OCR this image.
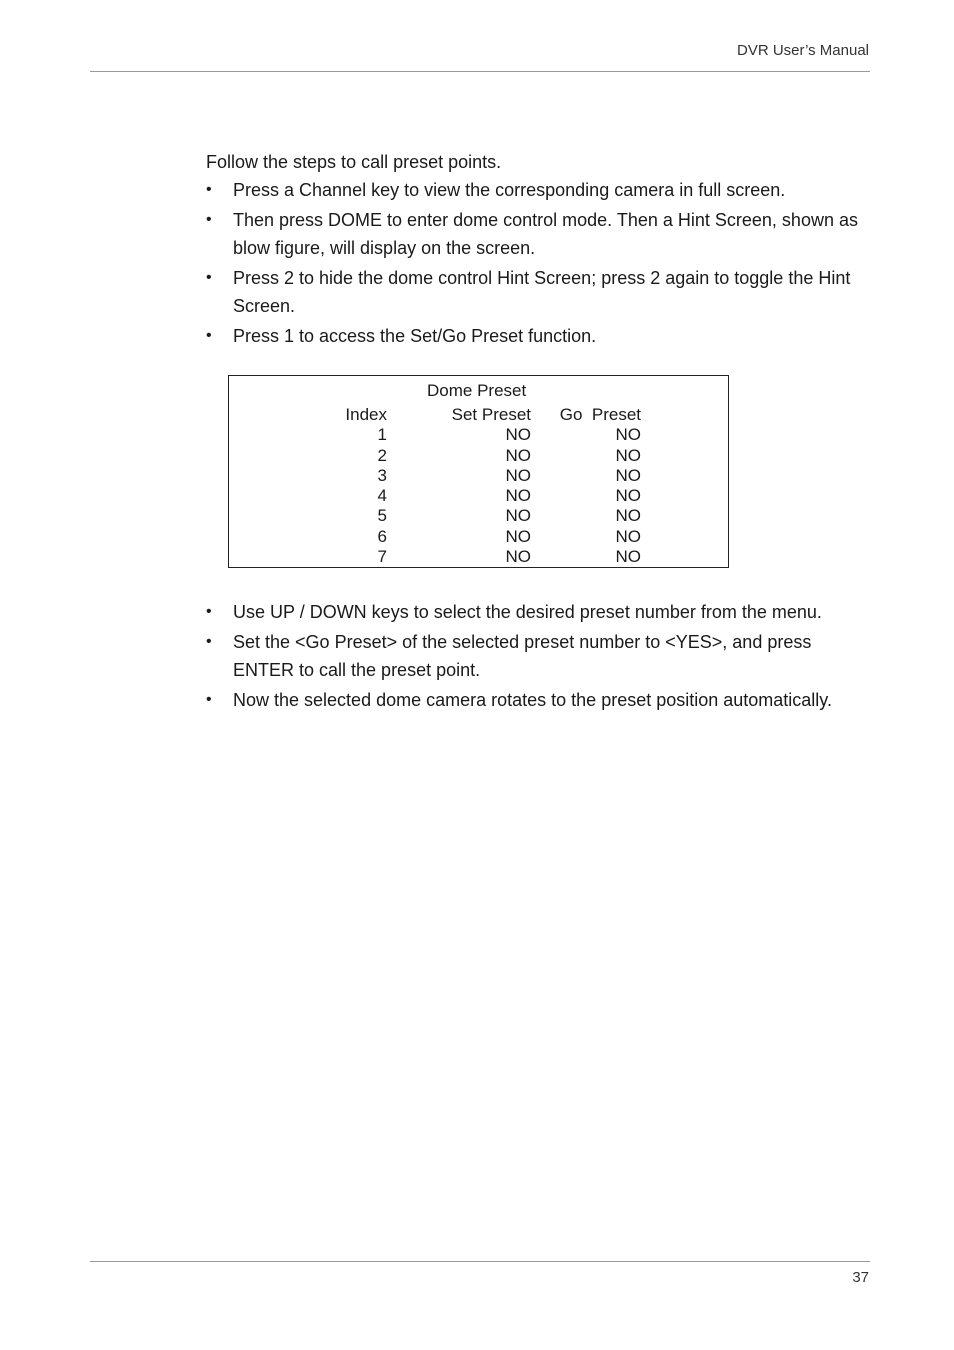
DVR User’s Manual
Follow the steps to call preset points.
• Press a Channel key to view the corresponding camera in full screen.
• Then press DOME to enter dome control mode. Then a Hint Screen, shown as blow figure, will display on the screen.
• Press 2 to hide the dome control Hint Screen; press 2 again to toggle the Hint Screen.
• Press 1 to access the Set/Go Preset function.
Dome Preset
Index
1
2
3
4
5
6
7
Set Preset
NO
NO
NO
NO
NO
NO
NO
Go  Preset
NO
NO
NO
NO
NO
NO
NO
• Use UP / DOWN keys to select the desired preset number from the menu.
• Set the <Go Preset> of the selected preset number to <YES>, and press ENTER to call the preset point.
• Now the selected dome camera rotates to the preset position automatically.
37
